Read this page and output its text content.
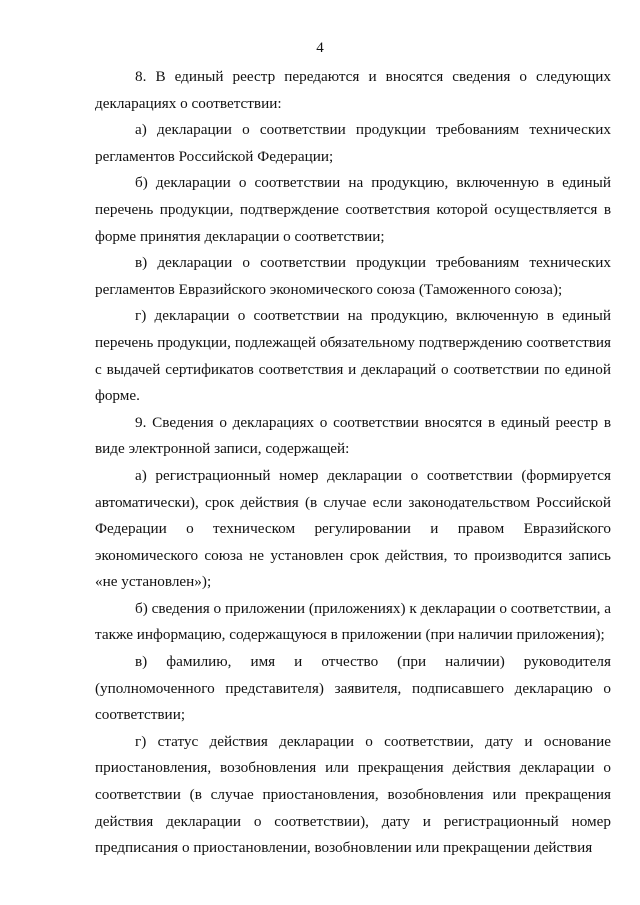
4

8. В единый реестр передаются и вносятся сведения о следующих декларациях о соответствии:

а) декларации о соответствии продукции требованиям технических регламентов Российской Федерации;

б) декларации о соответствии на продукцию, включенную в единый перечень продукции, подтверждение соответствия которой осуществляется в форме принятия декларации о соответствии;

в) декларации о соответствии продукции требованиям технических регламентов Евразийского экономического союза (Таможенного союза);

г) декларации о соответствии на продукцию, включенную в единый перечень продукции, подлежащей обязательному подтверждению соответствия с выдачей сертификатов соответствия и деклараций о соответствии по единой форме.

9. Сведения о декларациях о соответствии вносятся в единый реестр в виде электронной записи, содержащей:

а) регистрационный номер декларации о соответствии (формируется автоматически), срок действия (в случае если законодательством Российской Федерации о техническом регулировании и правом Евразийского экономического союза не установлен срок действия, то производится запись «не установлен»);

б) сведения о приложении (приложениях) к декларации о соответствии, а также информацию, содержащуюся в приложении (при наличии приложения);

в) фамилию, имя и отчество (при наличии) руководителя (уполномоченного представителя) заявителя, подписавшего декларацию о соответствии;

г) статус действия декларации о соответствии, дату и основание приостановления, возобновления или прекращения действия декларации о соответствии (в случае приостановления, возобновления или прекращения действия декларации о соответствии), дату и регистрационный номер предписания о приостановлении, возобновлении или прекращении действия
